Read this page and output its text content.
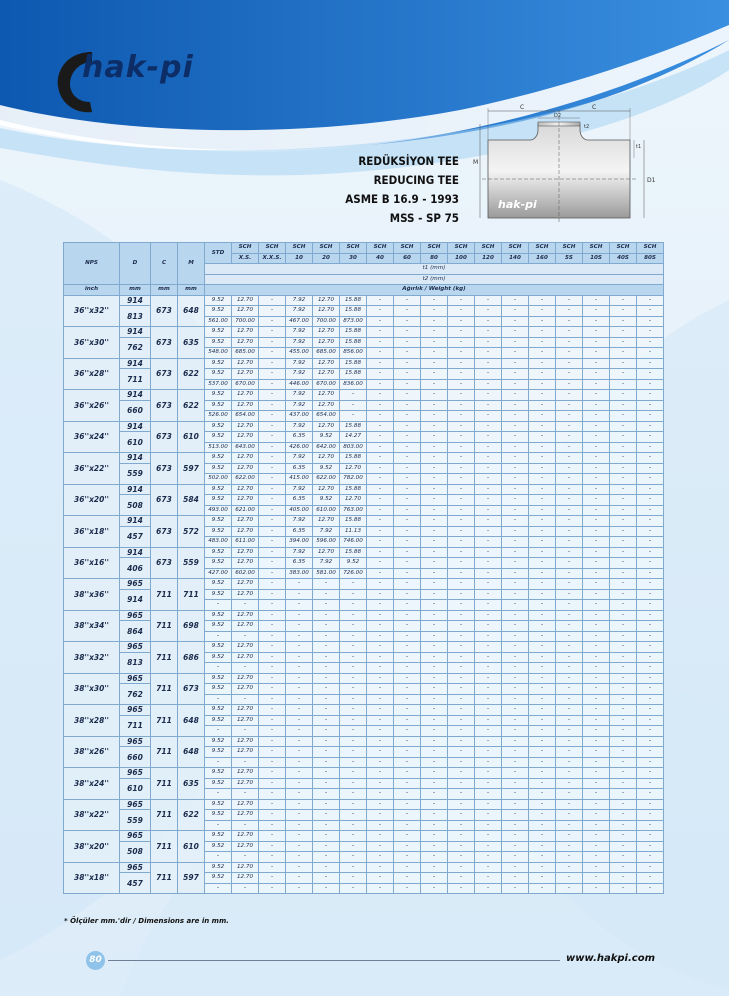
hak-pi
REDÜKSİYON TEE
REDUCING TEE
ASME B 16.9 - 1993
MSS - SP 75
C	C
D2
t2
M
t1
D1
hak-pi
NPS	D	C	M	STD	SCH	SCH	SCH	SCH	SCH	SCH	SCH	SCH	SCH	SCH	SCH	SCH	SCH	SCH	SCH	SCH
					X.S.	X.X.S.	10	20	30	40	60	80	100	120	140	160	5S	10S	40S	80S
				t1 (mm)																
				t2 (mm)																
inch	mm	mm	mm	Ağırlık / Weight (kg)																
36''x32''	914	673	648	9.52	12.70	-	7.92	12.70	15.88	-	-	-	-	-	-	-	-	-	-	-
	813			9.52	12.70	-	7.92	12.70	15.88	-	-	-	-	-	-	-	-	-	-	-
				561.00	700.00	-	467.00	700.00	873.00	-	-	-	-	-	-	-	-	-	-	-
36''x30''	914	673	635	9.52	12.70	-	7.92	12.70	15.88	-	-	-	-	-	-	-	-	-	-	-
	762			9.52	12.70	-	7.92	12.70	15.88	-	-	-	-	-	-	-	-	-	-	-
				548.00	685.00	-	455.00	685.00	856.00	-	-	-	-	-	-	-	-	-	-	-
36''x28''	914	673	622	9.52	12.70	-	7.92	12.70	15.88	-	-	-	-	-	-	-	-	-	-	-
	711			9.52	12.70	-	7.92	12.70	15.88	-	-	-	-	-	-	-	-	-	-	-
				537.00	670.00	-	446.00	670.00	836.00	-	-	-	-	-	-	-	-	-	-	-
36''x26''	914	673	622	9.52	12.70	-	7.92	12.70	-	-	-	-	-	-	-	-	-	-	-	-
	660			9.52	12.70	-	7.92	12.70	-	-	-	-	-	-	-	-	-	-	-	-
				526.00	654.00	-	437.00	654.00	-	-	-	-	-	-	-	-	-	-	-	-
36''x24''	914	673	610	9.52	12.70	-	7.92	12.70	15.88	-	-	-	-	-	-	-	-	-	-	-
	610			9.52	12.70	-	6.35	9.52	14.27	-	-	-	-	-	-	-	-	-	-	-
				513.00	643.00	-	426.00	642.00	803.00	-	-	-	-	-	-	-	-	-	-	-
36''x22''	914	673	597	9.52	12.70	-	7.92	12.70	15.88	-	-	-	-	-	-	-	-	-	-	-
	559			9.52	12.70	-	6.35	9.52	12.70	-	-	-	-	-	-	-	-	-	-	-
				502.00	622.00	-	415.00	622.00	782.00	-	-	-	-	-	-	-	-	-	-	-
36''x20''	914	673	584	9.52	12.70	-	7.92	12.70	15.88	-	-	-	-	-	-	-	-	-	-	-
	508			9.52	12.70	-	6.35	9.52	12.70	-	-	-	-	-	-	-	-	-	-	-
				493.00	621.00	-	405.00	610.00	763.00	-	-	-	-	-	-	-	-	-	-	-
36''x18''	914	673	572	9.52	12.70	-	7.92	12.70	15.88	-	-	-	-	-	-	-	-	-	-	-
	457			9.52	12.70	-	6.35	7.92	11.13	-	-	-	-	-	-	-	-	-	-	-
				483.00	611.00	-	394.00	596.00	746.00	-	-	-	-	-	-	-	-	-	-	-
36''x16''	914	673	559	9.52	12.70	-	7.92	12.70	15.88	-	-	-	-	-	-	-	-	-	-	-
	406			9.52	12.70	-	6.35	7.92	9.52	-	-	-	-	-	-	-	-	-	-	-
				427.00	602.00	-	383.00	581.00	726.00	-	-	-	-	-	-	-	-	-	-	-
38''x36''	965	711	711	9.52	12.70	-	-	-	-	-	-	-	-	-	-	-	-	-	-	-
	914			9.52	12.70	-	-	-	-	-	-	-	-	-	-	-	-	-	-	-
				-	-	-	-	-	-	-	-	-	-	-	-	-	-	-	-	-
38''x34''	965	711	698	9.52	12.70	-	-	-	-	-	-	-	-	-	-	-	-	-	-	-
	864			9.52	12.70	-	-	-	-	-	-	-	-	-	-	-	-	-	-	-
				-	-	-	-	-	-	-	-	-	-	-	-	-	-	-	-	-
38''x32''	965	711	686	9.52	12.70	-	-	-	-	-	-	-	-	-	-	-	-	-	-	-
	813			9.52	12.70	-	-	-	-	-	-	-	-	-	-	-	-	-	-	-
				-	-	-	-	-	-	-	-	-	-	-	-	-	-	-	-	-
38''x30''	965	711	673	9.52	12.70	-	-	-	-	-	-	-	-	-	-	-	-	-	-	-
	762			9.52	12.70	-	-	-	-	-	-	-	-	-	-	-	-	-	-	-
				-	-	-	-	-	-	-	-	-	-	-	-	-	-	-	-	-
38''x28''	965	711	648	9.52	12.70	-	-	-	-	-	-	-	-	-	-	-	-	-	-	-
	711			9.52	12.70	-	-	-	-	-	-	-	-	-	-	-	-	-	-	-
				-	-	-	-	-	-	-	-	-	-	-	-	-	-	-	-	-
38''x26''	965	711	648	9.52	12.70	-	-	-	-	-	-	-	-	-	-	-	-	-	-	-
	660			9.52	12.70	-	-	-	-	-	-	-	-	-	-	-	-	-	-	-
				-	-	-	-	-	-	-	-	-	-	-	-	-	-	-	-	-
38''x24''	965	711	635	9.52	12.70	-	-	-	-	-	-	-	-	-	-	-	-	-	-	-
	610			9.52	12.70	-	-	-	-	-	-	-	-	-	-	-	-	-	-	-
				-	-	-	-	-	-	-	-	-	-	-	-	-	-	-	-	-
38''x22''	965	711	622	9.52	12.70	-	-	-	-	-	-	-	-	-	-	-	-	-	-	-
	559			9.52	12.70	-	-	-	-	-	-	-	-	-	-	-	-	-	-	-
				-	-	-	-	-	-	-	-	-	-	-	-	-	-	-	-	-
38''x20''	965	711	610	9.52	12.70	-	-	-	-	-	-	-	-	-	-	-	-	-	-	-
	508			9.52	12.70	-	-	-	-	-	-	-	-	-	-	-	-	-	-	-
				-	-	-	-	-	-	-	-	-	-	-	-	-	-	-	-	-
38''x18''	965	711	597	9.52	12.70	-	-	-	-	-	-	-	-	-	-	-	-	-	-	-
	457			9.52	12.70	-	-	-	-	-	-	-	-	-	-	-	-	-	-	-
				-	-	-	-	-	-	-	-	-	-	-	-	-	-	-	-	-
* Ölçüler mm.'dir / Dimensions are in mm.
80	www.hakpi.com
